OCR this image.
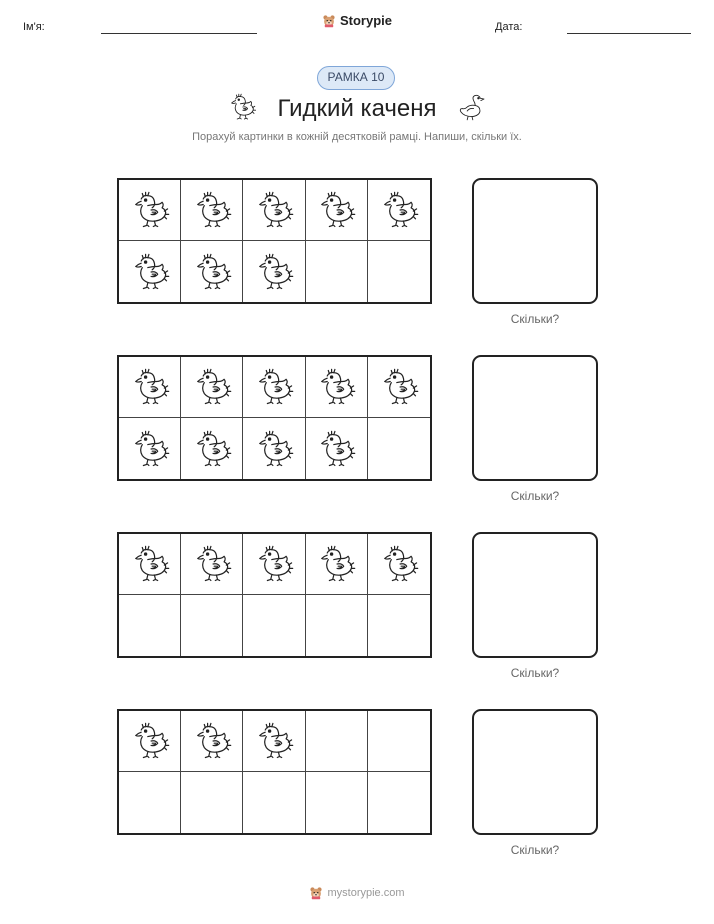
Ім'я:	Дата:
Storypie
РАМКА 10
Гидкий каченя
Порахуй картинки в кожній десятковій рамці. Напиши, скільки їх.
Скільки?
Скільки?
Скільки?
Скільки?
mystorypie.com
